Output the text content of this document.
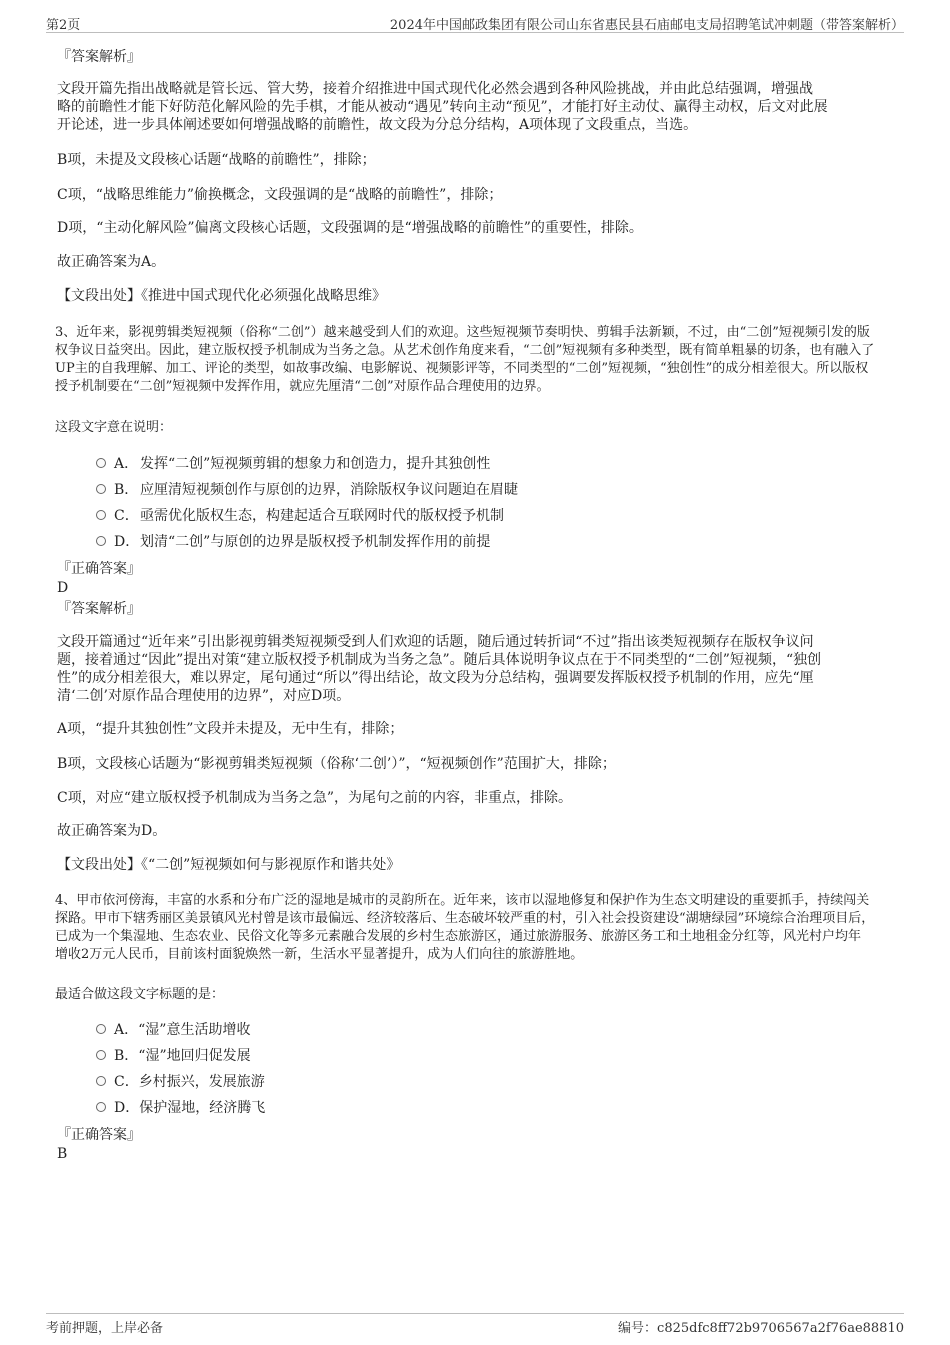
第2页	2024年中国邮政集团有限公司山东省惠民县石庙邮电支局招聘笔试冲刺题（带答案解析）
『答案解析』
文段开篇先指出战略就是管长远、管大势，接着介绍推进中国式现代化必然会遇到各种风险挑战，并由此总结强调，增强战
略的前瞻性才能下好防范化解风险的先手棋，才能从被动“遇见”转向主动“预见”，才能打好主动仗、赢得主动权，后文对此展
开论述，进一步具体阐述要如何增强战略的前瞻性，故文段为分总分结构，A项体现了文段重点，当选。
B项，未提及文段核心话题“战略的前瞻性”，排除；
C项，“战略思维能力”偷换概念，文段强调的是“战略的前瞻性”，排除；
D项，“主动化解风险”偏离文段核心话题，文段强调的是“增强战略的前瞻性”的重要性，排除。
故正确答案为A。
【文段出处】《推进中国式现代化必须强化战略思维》
3、近年来，影视剪辑类短视频（俗称“二创”）越来越受到人们的欢迎。这些短视频节奏明快、剪辑手法新颖，不过，由“二创”短视频引发的版
权争议日益突出。因此，建立版权授予机制成为当务之急。从艺术创作角度来看，“二创”短视频有多种类型，既有简单粗暴的切条，也有融入了
UP主的自我理解、加工、评论的类型，如故事改编、电影解说、视频影评等，不同类型的“二创”短视频，“独创性”的成分相差很大。所以版权
授予机制要在“二创”短视频中发挥作用，就应先厘清“二创”对原作品合理使用的边界。
这段文字意在说明：
A． 发挥“二创”短视频剪辑的想象力和创造力，提升其独创性
B． 应厘清短视频创作与原创的边界，消除版权争议问题迫在眉睫
C．亟需优化版权生态，构建起适合互联网时代的版权授予机制
D．划清“二创”与原创的边界是版权授予机制发挥作用的前提
『正确答案』
D
『答案解析』
文段开篇通过“近年来”引出影视剪辑类短视频受到人们欢迎的话题，随后通过转折词“不过”指出该类短视频存在版权争议问
题，接着通过“因此”提出对策“建立版权授予机制成为当务之急”。随后具体说明争议点在于不同类型的“二创”短视频，“独创
性”的成分相差很大，难以界定，尾句通过“所以”得出结论，故文段为分总结构，强调要发挥版权授予机制的作用，应先“厘
清‘二创’对原作品合理使用的边界”，对应D项。
A项，“提升其独创性”文段并未提及，无中生有，排除；
B项，文段核心话题为“影视剪辑类短视频（俗称‘二创’）”，“短视频创作”范围扩大，排除；
C项，对应“建立版权授予机制成为当务之急”，为尾句之前的内容，非重点，排除。
故正确答案为D。
【文段出处】《“二创”短视频如何与影视原作和谐共处》
4、甲市依河傍海，丰富的水系和分布广泛的湿地是城市的灵韵所在。近年来，该市以湿地修复和保护作为生态文明建设的重要抓手，持续闯关
探路。甲市下辖秀丽区美景镇风光村曾是该市最偏远、经济较落后、生态破坏较严重的村，引入社会投资建设“湖塘绿园”环境综合治理项目后，
已成为一个集湿地、生态农业、民俗文化等多元素融合发展的乡村生态旅游区，通过旅游服务、旅游区务工和土地租金分红等，风光村户均年
增收2万元人民币，目前该村面貌焕然一新，生活水平显著提升，成为人们向往的旅游胜地。
最适合做这段文字标题的是：
A．“湿”意生活助增收
B．“湿”地回归促发展
C．乡村振兴，发展旅游
D．保护湿地，经济腾飞
『正确答案』
B
考前押题，上岸必备	编号：c825dfc8ff72b9706567a2f76ae88810
